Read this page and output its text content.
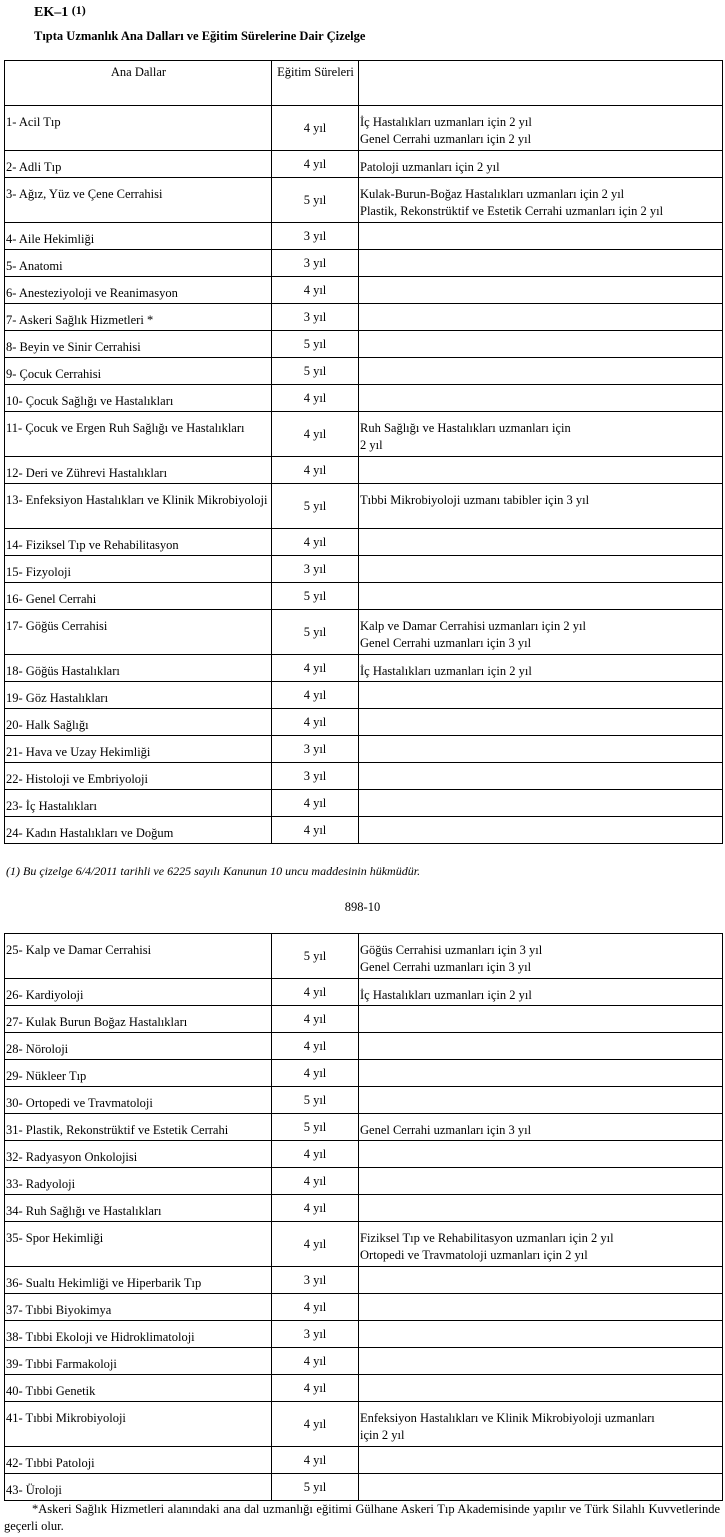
EK–1 $^{(1)}$
Tıpta Uzmanlık Ana Dalları ve Eğitim Sürelerine Dair Çizelge
Ana Dallar	Eğitim Süreleri	
1- Acil Tıp	4 yıl	İç Hastalıkları uzmanları için 2 yıl
Genel Cerrahi uzmanları için 2 yıl

2- Adli Tıp	4 yıl	Patoloji uzmanları için 2 yıl

3- Ağız, Yüz ve Çene Cerrahisi	5 yıl	Kulak-Burun-Boğaz Hastalıkları uzmanları için 2 yıl
Plastik, Rekonstrüktif ve Estetik Cerrahi uzmanları için 2 yıl

4- Aile Hekimliği	3 yıl	
5- Anatomi	3 yıl	
6- Anesteziyoloji ve Reanimasyon	4 yıl	
7- Askeri Sağlık Hizmetleri *	3 yıl	
8- Beyin ve Sinir Cerrahisi	5 yıl	
9- Çocuk Cerrahisi	5 yıl	
10- Çocuk Sağlığı ve Hastalıkları	4 yıl	
11- Çocuk ve Ergen Ruh Sağlığı ve Hastalıkları	4 yıl	Ruh Sağlığı ve Hastalıkları uzmanları için
2 yıl

12- Deri ve Zührevi Hastalıkları	4 yıl	
13- Enfeksiyon Hastalıkları ve Klinik Mikrobiyoloji	5 yıl	Tıbbi Mikrobiyoloji uzmanı tabibler için 3 yıl

14- Fiziksel Tıp ve Rehabilitasyon	4 yıl	
15- Fizyoloji	3 yıl	
16- Genel Cerrahi	5 yıl	
17- Göğüs Cerrahisi	5 yıl	Kalp ve Damar Cerrahisi uzmanları için 2 yıl
Genel Cerrahi uzmanları için 3 yıl

18- Göğüs Hastalıkları	4 yıl	İç Hastalıkları uzmanları için 2 yıl

19- Göz Hastalıkları	4 yıl	
20- Halk Sağlığı	4 yıl	
21- Hava ve Uzay Hekimliği	3 yıl	
22- Histoloji ve Embriyoloji	3 yıl	
23- İç Hastalıkları	4 yıl	
24- Kadın Hastalıkları ve Doğum	4 yıl	
(1) Bu çizelge 6/4/2011 tarihli ve 6225 sayılı Kanunun 10 uncu maddesinin hükmüdür.
898-10
25- Kalp ve Damar Cerrahisi	5 yıl	Göğüs Cerrahisi uzmanları için 3 yıl
Genel Cerrahi uzmanları için 3 yıl

26- Kardiyoloji	4 yıl	İç Hastalıkları uzmanları için 2 yıl

27- Kulak Burun Boğaz Hastalıkları	4 yıl	
28- Nöroloji	4 yıl	
29- Nükleer Tıp	4 yıl	
30- Ortopedi ve Travmatoloji	5 yıl	
31- Plastik, Rekonstrüktif ve Estetik Cerrahi	5 yıl	Genel Cerrahi uzmanları için 3 yıl

32- Radyasyon Onkolojisi	4 yıl	
33- Radyoloji	4 yıl	
34- Ruh Sağlığı ve Hastalıkları	4 yıl	
35- Spor Hekimliği	4 yıl	Fiziksel Tıp ve Rehabilitasyon uzmanları için 2 yıl
Ortopedi ve Travmatoloji uzmanları için 2 yıl

36- Sualtı Hekimliği ve Hiperbarik Tıp	3 yıl	
37- Tıbbi Biyokimya	4 yıl	
38- Tıbbi Ekoloji ve Hidroklimatoloji	3 yıl	
39- Tıbbi Farmakoloji	4 yıl	
40- Tıbbi Genetik	4 yıl	
41- Tıbbi Mikrobiyoloji	4 yıl	Enfeksiyon Hastalıkları ve Klinik Mikrobiyoloji uzmanları
için 2 yıl

42- Tıbbi Patoloji	4 yıl	
43- Üroloji	5 yıl	
*Askeri Sağlık Hizmetleri alanındaki ana dal uzmanlığı eğitimi Gülhane Askeri Tıp Akademisinde yapılır ve Türk Silahlı Kuvvetlerinde geçerli olur.
